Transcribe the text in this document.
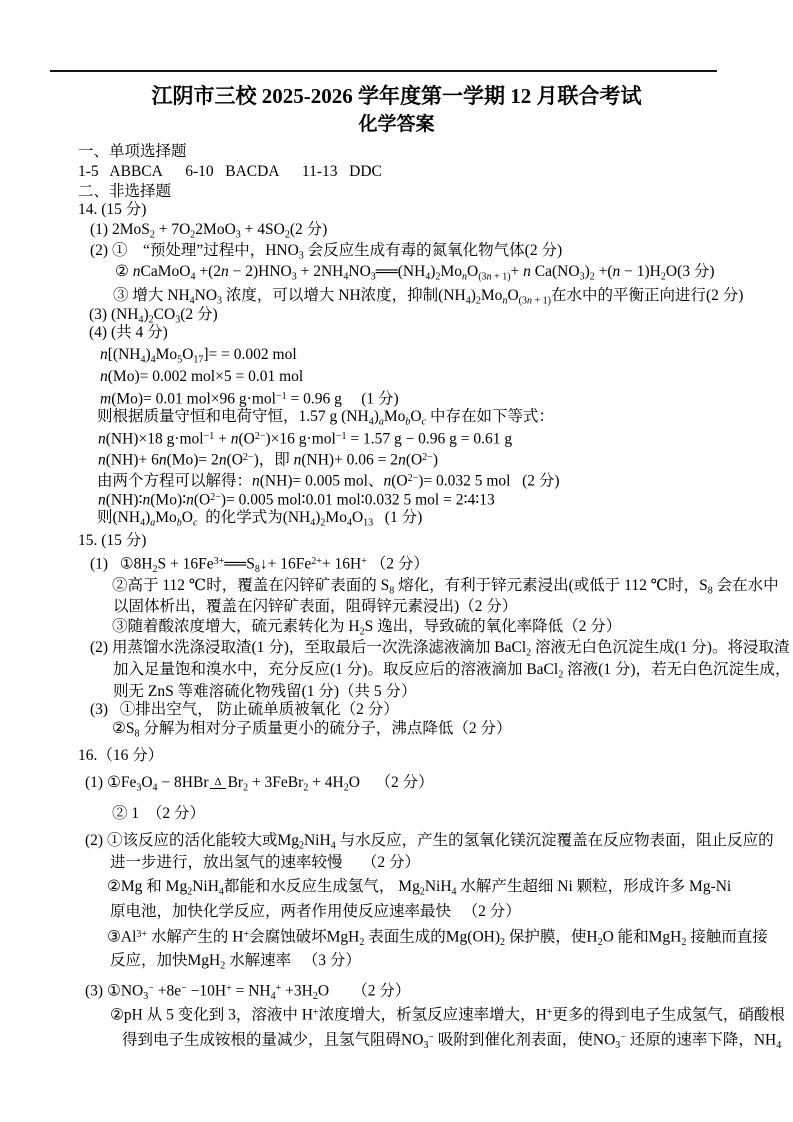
江阴市三校 2025-2026 学年度第一学期 12 月联合考试
化学答案
一、单项选择题
1-5   ABBCA      6-10   BACDA      11-13   DDC
二、非选择题
14. (15 分)
(1) $2MoS_2 + 7O_22MoO_3 + 4SO_2(2$ 分)
(2) ①　“预处理”过程中，$HNO_3$ 会反应生成有毒的氮氧化物气体(2 分)
② nCaMoO$_4$ $+(2n - 2)HNO_3$ + $2NH_4NO_3══(NH_4)_2Mo_nO_{(3n}$ $_{+ 1)}$+ n $Ca(NO_3)_2 +(n - 1)H_2O(3$ 分)
③ 增大 $NH_4NO_3$ 浓度，可以增大 NH浓度，抑制$(NH_4)_2Mo_nO_{(3n}$ $_{+ 1)}$在水中的平衡正向进行(2 分)
(3) $(NH_4)_2CO_3(2$ 分)
(4) (共 4 分)
$n[(NH_4)_4Mo_5O_{17}]= = 0.002$ mol
n(Mo)= 0.002 mol×5 = 0.01 mol
m(Mo)= 0.01 mol×96 g·mol$^{-1}$ = 0.96 g     (1 分)
则根据质量守恒和电荷守恒，1.57 g $(NH_4)_aMo_bO_c$ 中存在如下等式：
n(NH)×18 $g\cdot mol^{-1} + n(O^{2-})\times 16$ g·mol$^{-1}$ = 1.57 g − 0.96 g = 0.61 g
$n(NH)+ 6n(Mo)= 2n(O^{2-})$，即 $n(NH)+ 0.06 = 2n(O^{2-})$
由两个方程可以解得：n(NH)= 0.005 mol、$n(O^{2-})= 0.032$ 5 mol   (2 分)
$n(NH)∶n(Mo)∶n(O^{2-})= 0.005$ mol∶0.01 mol∶0.032 5 mol = 2∶4∶13
则$(NH_4)_aMo_bO_c$  的化学式为$(NH_4)_2Mo_4O_{13}$   (1 分)
15. (15 分)
(1)   $①8H_2S$ + $16Fe^{3+}══S_8↓+ 16Fe^{2+}+ 16H^+$ （2 分）
②高于 112 ℃时，覆盖在闪锌矿表面的 $S_8$ 熔化，有利于锌元素浸出(或低于 112 ℃时，$S_8$ 会在水中
以固体析出，覆盖在闪锌矿表面，阻碍锌元素浸出)（2 分）
③随着酸浓度增大，硫元素转化为 $H_2S$ 逸出，导致硫的氧化率降低（2 分）
(2) 用蒸馏水洗涤浸取渣(1 分)，至取最后一次洗涤滤液滴加 BaCl$_2$ 溶液无白色沉淀生成(1 分)。将浸取渣
加入足量饱和溴水中，充分反应(1 分)。取反应后的溶液滴加 BaCl$_2$ 溶液(1 分)，若无白色沉淀生成，
则无 ZnS 等难溶硫化物残留(1 分)（共 5 分）
(3)   ①排出空气， 防止硫单质被氧化（2 分）
$②S_8$ 分解为相对分子质量更小的硫分子，沸点降低（2 分）
16.（16 分）
(1) $①Fe_3O_4 - 8HBr$ Δ $Br_2$ + 3FeBr$_2$ + $4H_2O$    （2 分）
② 1  （2 分）
(2) ①该反应的活化能较大或$Mg_2NiH_4$ 与水反应，产生的氢氧化镁沉淀覆盖在反应物表面，阻止反应的
进一步进行，放出氢气的速率较慢　 （2 分）
②Mg 和 $Mg_2NiH_4$都能和水反应生成氢气， $Mg_2NiH_4$ 水解产生超细 Ni 颗粒，形成许多 Mg-Ni
原电池，加快化学反应，两者作用使反应速率最快 　（2 分）
$③Al^{3+}$ 水解产生的 H+会腐蚀破坏MgH$_2$ 表面生成的$Mg(OH)_2$ 保护膜，使$H_2O$ 能和MgH$_2$ 接触而直接
反应，加快MgH$_2$ 水解速率 　（3 分）
(3) $①NO_3^- +8e^- -10H^+ = NH_4^+ +3H_2O$      （2 分）
②pH 从 5 变化到 3，溶液中 H+浓度增大，析氢反应速率增大，H+更多的得到电子生成氢气，硝酸根
得到电子生成铵根的量减少，且氢气阻碍$NO_3^-$ 吸附到催化剂表面，使$NO_3^-$ 还原的速率下降，$NH_4$
